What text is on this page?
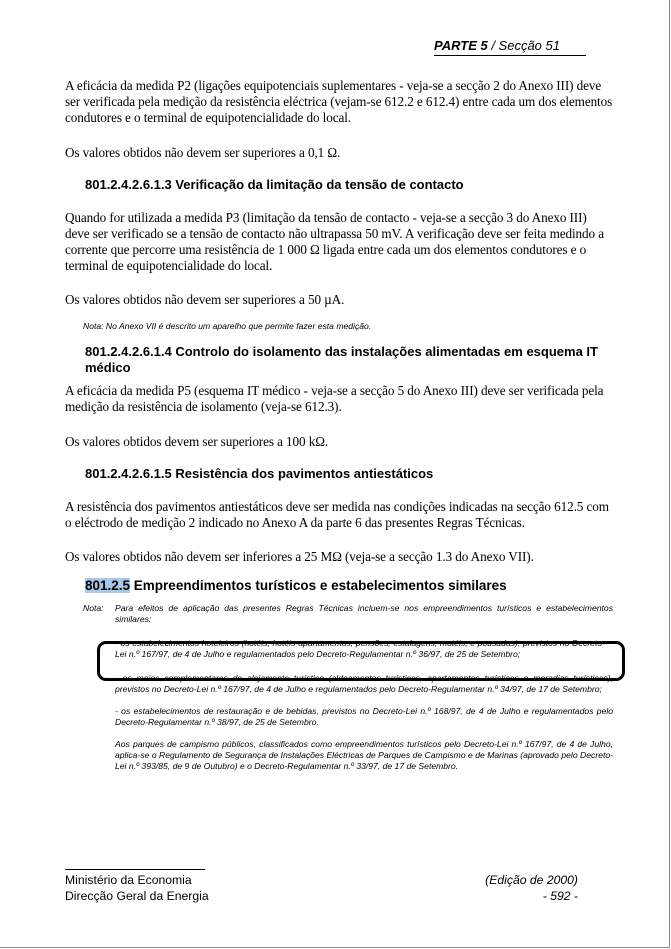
PARTE 5 / Secção 51

A eficácia da medida P2 (ligações equipotenciais suplementares - veja-se a secção 2 do Anexo III) deve ser verificada pela medição da resistência eléctrica (vejam-se 612.2 e 612.4) entre cada um dos elementos condutores e o terminal de equipotencialidade do local.

Os valores obtidos não devem ser superiores a 0,1 Ω.

801.2.4.2.6.1.3 Verificação da limitação da tensão de contacto

Quando for utilizada a medida P3 (limitação da tensão de contacto - veja-se a secção 3 do Anexo III) deve ser verificado se a tensão de contacto não ultrapassa 50 mV. A verificação deve ser feita medindo a corrente que percorre uma resistência de 1 000 Ω ligada entre cada um dos elementos condutores e o terminal de equipotencialidade do local.

Os valores obtidos não devem ser superiores a 50 µA.

Nota: No Anexo VII é descrito um aparelho que permite fazer esta medição.

801.2.4.2.6.1.4 Controlo do isolamento das instalações alimentadas em esquema IT médico

A eficácia da medida P5 (esquema IT médico - veja-se a secção 5 do Anexo III) deve ser verificada pela medição da resistência de isolamento (veja-se 612.3).

Os valores obtidos devem ser superiores a 100 kΩ.

801.2.4.2.6.1.5 Resistência dos pavimentos antiestáticos

A resistência dos pavimentos antiestáticos deve ser medida nas condições indicadas na secção 612.5 com o eléctrodo de medição 2 indicado no Anexo A da parte 6 das presentes Regras Técnicas.

Os valores obtidos não devem ser inferiores a 25 MΩ (veja-se a secção 1.3 do Anexo VII).

801.2.5 Empreendimentos turísticos e estabelecimentos similares
Nota:	Para efeitos de aplicação das presentes Regras Técnicas incluem-se nos empreendimentos turísticos e estabelecimentos similares:

- os estabelecimentos hoteleiros (hotéis, hotéis-apartamentos, pensões, estalagens, motéis, e pousadas), previstos no Decreto-Lei n.º 167/97, de 4 de Julho e regulamentados pelo Decreto-Regulamentar n.º 36/97, de 25 de Setembro;

- os meios complementares de alojamento turístico (aldeamentos turísticos, apartamentos turísticos e moradias turísticas), previstos no Decreto-Lei n.º 167/97, de 4 de Julho e regulamentados pelo Decreto-Regulamentar n.º 34/97, de 17 de Setembro;

- os estabelecimentos de restauração e de bebidas, previstos no Decreto-Lei n.º 168/97, de 4 de Julho e regulamentados pelo Decreto-Regulamentar n.º 38/97, de 25 de Setembro.

Aos parques de campismo públicos, classificados como empreendimentos turísticos pelo Decreto-Lei n.º 167/97, de 4 de Julho, aplica-se o Regulamento de Segurança de Instalações Eléctricas de Parques de Campismo e de Marinas (aprovado pelo Decreto-Lei n.º 393/85, de 9 de Outubro) e o Decreto-Regulamentar n.º 33/97, de 17 de Setembro.

Ministério da Economia
Direcção Geral da Energia
(Edição de 2000)
- 592 -
